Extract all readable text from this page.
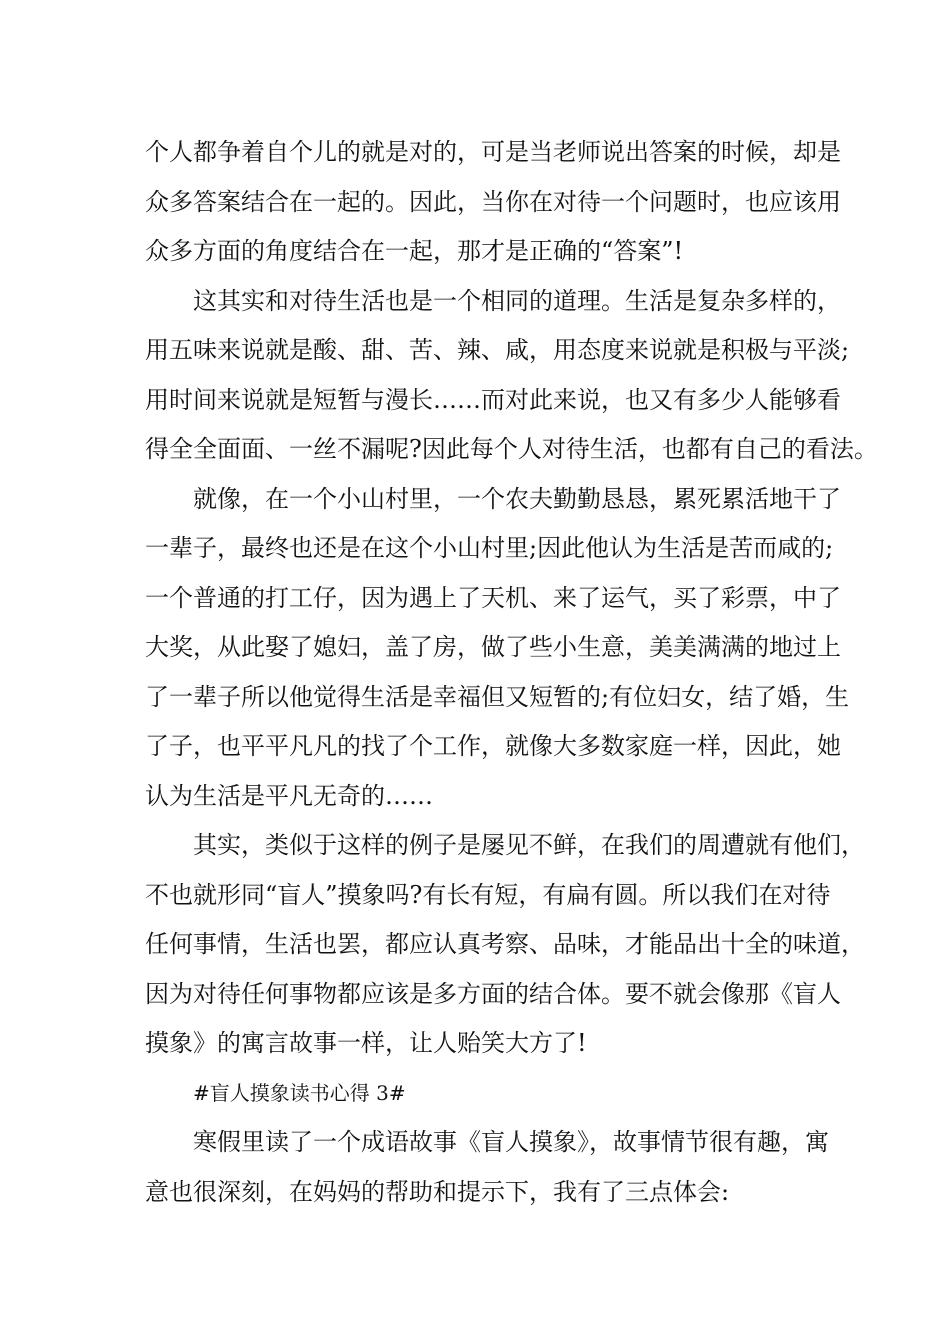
个人都争着自个儿的就是对的，可是当老师说出答案的时候，却是
众多答案结合在一起的。因此，当你在对待一个问题时，也应该用
众多方面的角度结合在一起，那才是正确的“答案”!
这其实和对待生活也是一个相同的道理。生活是复杂多样的，
用五味来说就是酸、甜、苦、辣、咸，用态度来说就是积极与平淡;
用时间来说就是短暂与漫长……而对此来说，也又有多少人能够看
得全全面面、一丝不漏呢?因此每个人对待生活，也都有自己的看法。
就像，在一个小山村里，一个农夫勤勤恳恳，累死累活地干了
一辈子，最终也还是在这个小山村里;因此他认为生活是苦而咸的;
一个普通的打工仔，因为遇上了天机、来了运气，买了彩票，中了
大奖，从此娶了媳妇，盖了房，做了些小生意，美美满满的地过上
了一辈子所以他觉得生活是幸福但又短暂的;有位妇女，结了婚，生
了子，也平平凡凡的找了个工作，就像大多数家庭一样，因此，她
认为生活是平凡无奇的……
其实，类似于这样的例子是屡见不鲜，在我们的周遭就有他们，
不也就形同“盲人”摸象吗?有长有短，有扁有圆。所以我们在对待
任何事情，生活也罢，都应认真考察、品味，才能品出十全的味道，
因为对待任何事物都应该是多方面的结合体。要不就会像那《盲人
摸象》的寓言故事一样，让人贻笑大方了!
#盲人摸象读书心得 3#
寒假里读了一个成语故事《盲人摸象》，故事情节很有趣，寓
意也很深刻，在妈妈的帮助和提示下，我有了三点体会:
